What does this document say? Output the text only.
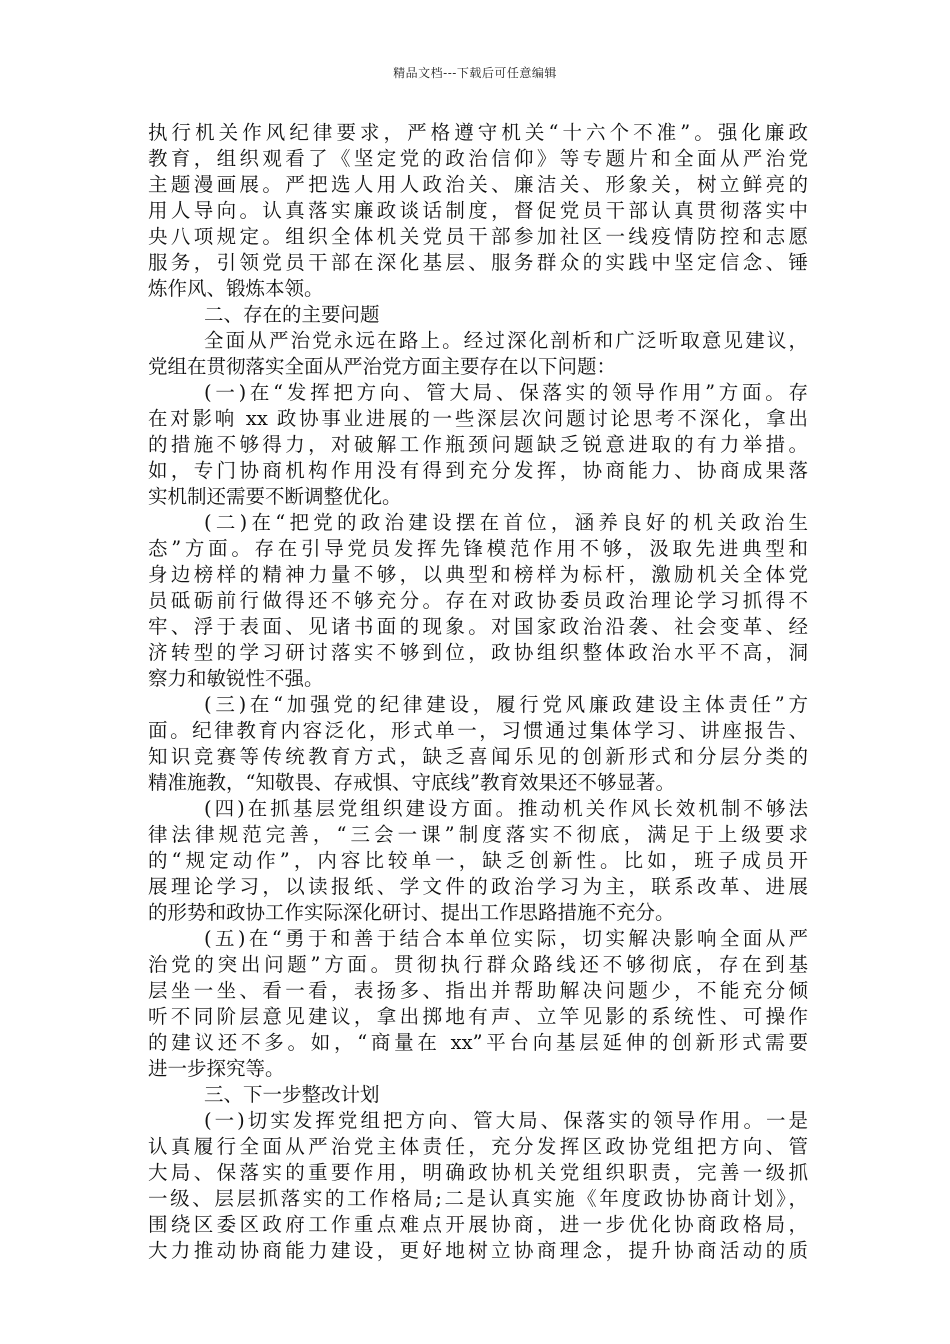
精品文档---下载后可任意编辑
执行机关作风纪律要求，严格遵守机关“十六个不准”。强化廉政
教育，组织观看了《坚定党的政治信仰》等专题片和全面从严治党
主题漫画展。严把选人用人政治关、廉洁关、形象关，树立鲜亮的
用人导向。认真落实廉政谈话制度，督促党员干部认真贯彻落实中
央八项规定。组织全体机关党员干部参加社区一线疫情防控和志愿
服务，引领党员干部在深化基层、服务群众的实践中坚定信念、锤
炼作风、锻炼本领。
二、存在的主要问题
全面从严治党永远在路上。经过深化剖析和广泛听取意见建议，
党组在贯彻落实全面从严治党方面主要存在以下问题：
(一)在“发挥把方向、管大局、保落实的领导作用”方面。存
在对影响 xx 政协事业进展的一些深层次问题讨论思考不深化，拿出
的措施不够得力，对破解工作瓶颈问题缺乏锐意进取的有力举措。
如，专门协商机构作用没有得到充分发挥，协商能力、协商成果落
实机制还需要不断调整优化。
(二)在“把党的政治建设摆在首位，涵养良好的机关政治生
态”方面。存在引导党员发挥先锋模范作用不够，汲取先进典型和
身边榜样的精神力量不够，以典型和榜样为标杆，激励机关全体党
员砥砺前行做得还不够充分。存在对政协委员政治理论学习抓得不
牢、浮于表面、见诸书面的现象。对国家政治沿袭、社会变革、经
济转型的学习研讨落实不够到位，政协组织整体政治水平不高，洞
察力和敏锐性不强。
(三)在“加强党的纪律建设，履行党风廉政建设主体责任”方
面。纪律教育内容泛化，形式单一，习惯通过集体学习、讲座报告、
知识竞赛等传统教育方式，缺乏喜闻乐见的创新形式和分层分类的
精准施教，“知敬畏、存戒惧、守底线”教育效果还不够显著。
(四)在抓基层党组织建设方面。推动机关作风长效机制不够法
律法律规范完善，“三会一课”制度落实不彻底，满足于上级要求
的“规定动作”，内容比较单一，缺乏创新性。比如，班子成员开
展理论学习，以读报纸、学文件的政治学习为主，联系改革、进展
的形势和政协工作实际深化研讨、提出工作思路措施不充分。
(五)在“勇于和善于结合本单位实际，切实解决影响全面从严
治党的突出问题”方面。贯彻执行群众路线还不够彻底，存在到基
层坐一坐、看一看，表扬多、指出并帮助解决问题少，不能充分倾
听不同阶层意见建议，拿出掷地有声、立竿见影的系统性、可操作
的建议还不多。如，“商量在 xx”平台向基层延伸的创新形式需要
进一步探究等。
三、下一步整改计划
(一)切实发挥党组把方向、管大局、保落实的领导作用。一是
认真履行全面从严治党主体责任，充分发挥区政协党组把方向、管
大局、保落实的重要作用，明确政协机关党组织职责，完善一级抓
一级、层层抓落实的工作格局;二是认真实施《年度政协协商计划》，
围绕区委区政府工作重点难点开展协商，进一步优化协商政格局，
大力推动协商能力建设，更好地树立协商理念，提升协商活动的质
